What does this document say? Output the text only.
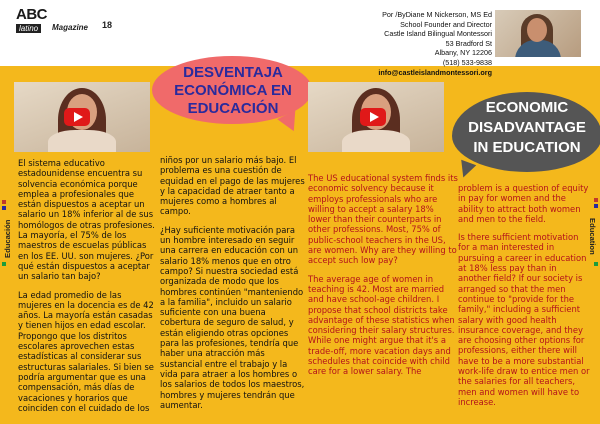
ABC
latino	Magazine 18
Por /ByDiane M Nickerson, MS Ed
School Founder and Director
Castle Island Bilingual Montessori
53 Bradford St
Albany, NY 12206
(518) 533-9838
info@castleislandmontessori.org
DESVENTAJA ECONÓMICA EN EDUCACIÓN	ECONOMIC DISADVANTAGE IN EDUCATION
Educación	Education

El sistema educativo estadounidense encuentra su solvencia económica porque emplea a profesionales que están dispuestos a aceptar un salario un 18% inferior al de sus homólogos de otras profesiones. La mayoría, el 75% de los maestros de escuelas públicas en los EE. UU. son mujeres. ¿Por qué están dispuestos a aceptar un salario tan bajo?

La edad promedio de las mujeres en la docencia es de 42 años. La mayoría están casadas y tienen hijos en edad escolar. Propongo que los distritos escolares aprovechen estas estadísticas al considerar sus estructuras salariales. Si bien se podría argumentar que es una compensación, más días de vacaciones y horarios que coinciden con el cuidado de los

niños por un salario más bajo. El problema es una cuestión de equidad en el pago de las mujeres y la capacidad de atraer tanto a mujeres como a hombres al campo.

¿Hay suficiente motivación para un hombre interesado en seguir una carrera en educación con un salario 18% menos que en otro campo? Si nuestra sociedad está organizada de modo que los hombres continúen "manteniendo a la familia", incluido un salario suficiente con una buena cobertura de seguro de salud, y están eligiendo otras opciones para las profesiones, tendría que haber una atracción más sustancial entre el trabajo y la vida para atraer a los hombres o los salarios de todos los maestros, hombres y mujeres tendrán que aumentar.

The US educational system finds its economic solvency because it employs professionals who are willing to accept a salary 18% lower than their counterparts in other professions. Most, 75% of public-school teachers in the US, are women. Why are they willing to accept such low pay?

The average age of women in teaching is 42. Most are married and have school-age children. I propose that school districts take advantage of these statistics when considering their salary structures. While one might argue that it's a trade-off, more vacation days and schedules that coincide with child care for a lower salary. The

problem is a question of equity in pay for women and the ability to attract both women and men to the field.

Is there sufficient motivation for a man interested in pursuing a career in education at 18% less pay than in another field? If our society is arranged so that the men continue to "provide for the family," including a sufficient salary with good health insurance coverage, and they are choosing other options for professions, either there will have to be a more substantial work-life draw to entice men or the salaries for all teachers, men and women will have to increase.
